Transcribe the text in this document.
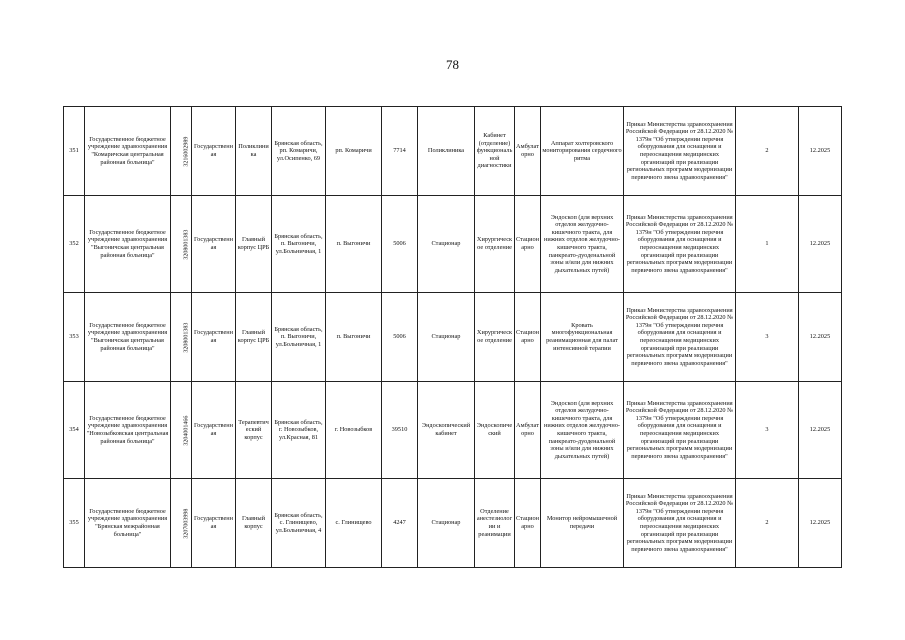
78
351	Государственное бюджетное учреждение здравоохранения "Комаричская центральная районная больница"	3216002989	Государственная	Поликлиника	Брянская область, рп. Комаричи, ул.Осипенко, 69	рп. Комаричи	7714	Поликлиника	Кабинет (отделение) функциональной диагностики	Амбулаторно	Аппарат холтеровского мониторирования сердечного ритма	Приказ Министерства здравоохранения Российской Федерации от 28.12.2020 № 1379н "Об утверждении перечня оборудования для оснащения и переоснащения медицинских организаций при реализации региональных программ модернизации первичного звена здравоохранения"	2	12.2025
352	Государственное бюджетное учреждение здравоохранения "Выгоничская центральная районная больница"	3208001383	Государственная	Главный корпус ЦРБ	Брянская область, п. Выгоничи, ул.Больничная, 1	п. Выгоничи	5006	Стационар	Хирургическое отделение	Стационарно	Эндоскоп (для верхних отделов желудочно-кишечного тракта, для нижних отделов желудочно-кишечного тракта, панкреато-дуоденальной зоны и/или для нижних дыхательных путей)	Приказ Министерства здравоохранения Российской Федерации от 28.12.2020 № 1379н "Об утверждении перечня оборудования для оснащения и переоснащения медицинских организаций при реализации региональных программ модернизации первичного звена здравоохранения"	1	12.2025
353	Государственное бюджетное учреждение здравоохранения "Выгоничская центральная районная больница"	3208001383	Государственная	Главный корпус ЦРБ	Брянская область, п. Выгоничи, ул.Больничная, 1	п. Выгоничи	5006	Стационар	Хирургическое отделение	Стационарно	Кровать многофункциональная реанимационная для палат интенсивной терапии	Приказ Министерства здравоохранения Российской Федерации от 28.12.2020 № 1379н "Об утверждении перечня оборудования для оснащения и переоснащения медицинских организаций при реализации региональных программ модернизации первичного звена здравоохранения"	3	12.2025
354	Государственное бюджетное учреждение здравоохранения "Новозыбковская центральная районная больница"	3204001466	Государственная	Терапевтический корпус	Брянская область, г. Новозыбков, ул.Красная, 81	г. Новозыбков	39510	Эндоскопический кабинет	Эндоскопический	Амбулаторно	Эндоскоп (для верхних отделов желудочно-кишечного тракта, для нижних отделов желудочно-кишечного тракта, панкреато-дуоденальной зоны и/или для нижних дыхательных путей)	Приказ Министерства здравоохранения Российской Федерации от 28.12.2020 № 1379н "Об утверждении перечня оборудования для оснащения и переоснащения медицинских организаций при реализации региональных программ модернизации первичного звена здравоохранения"	3	12.2025
355	Государственное бюджетное учреждение здравоохранения "Брянская межрайонная больница"	3207003998	Государственная	Главный корпус	Брянская область, с. Глинищево, ул.Больничная, 4	с. Глинищево	4247	Стационар	Отделение анестезиологии и реанимации	Стационарно	Монитор нейромышечной передачи	Приказ Министерства здравоохранения Российской Федерации от 28.12.2020 № 1379н "Об утверждении перечня оборудования для оснащения и переоснащения медицинских организаций при реализации региональных программ модернизации первичного звена здравоохранения"	2	12.2025
